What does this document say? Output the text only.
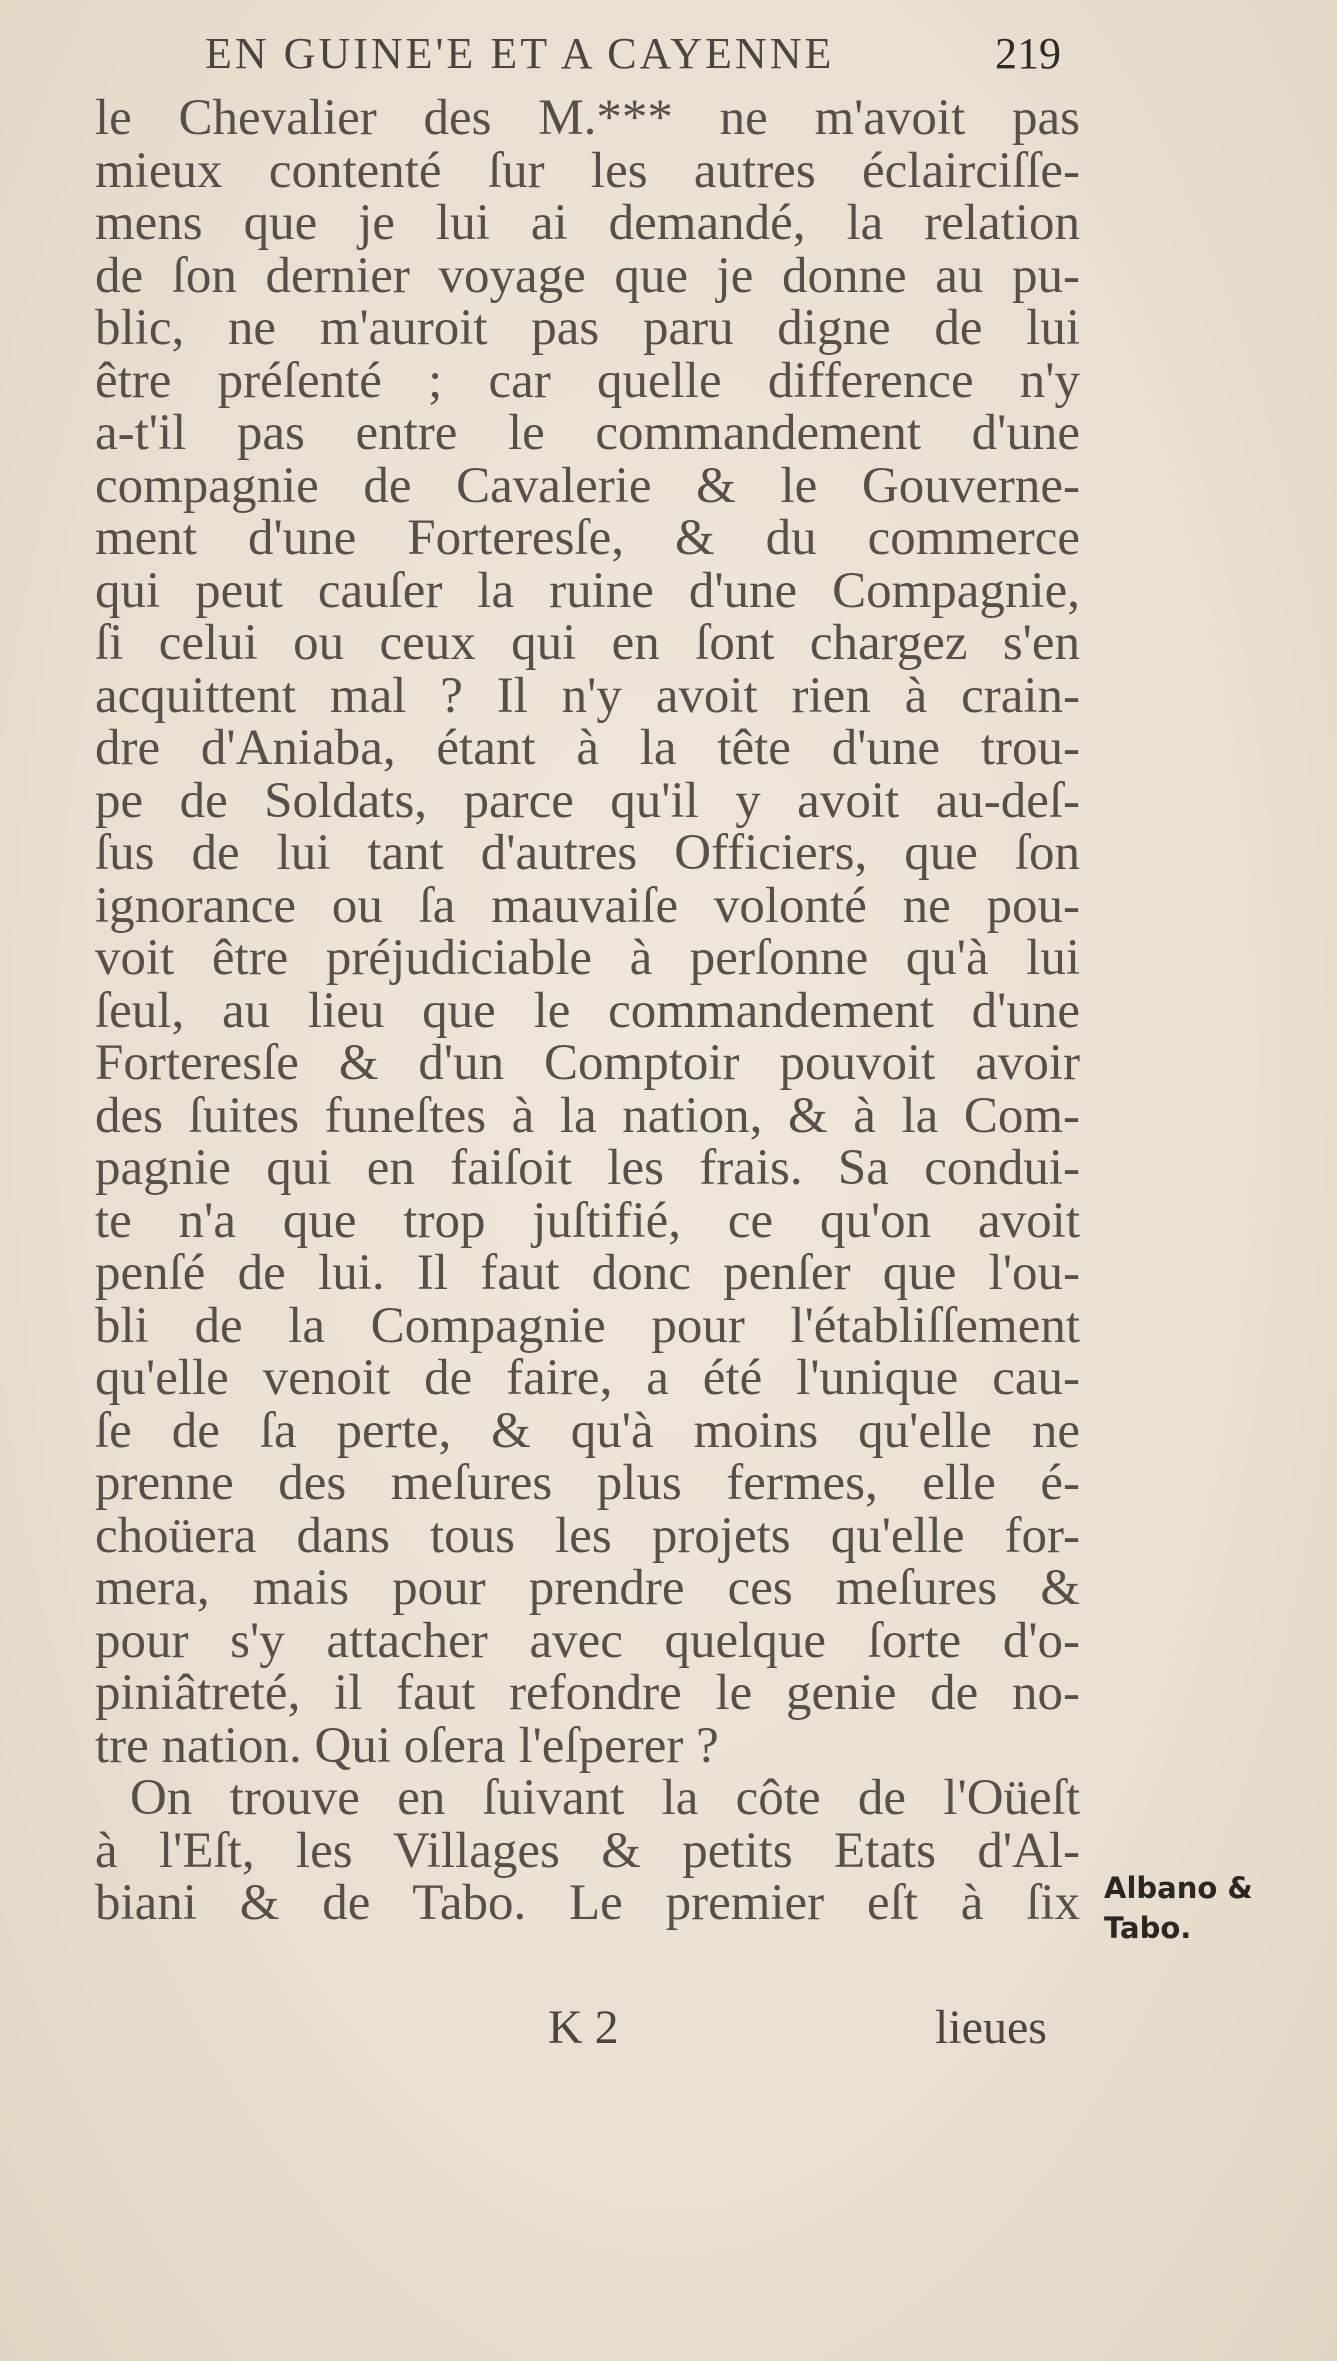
EN GUINE'E ET A CAYENNE	219
le Chevalier des M.*** ne m'avoit pas
mieux contenté ſur les autres éclairciſſe-
mens que je lui ai demandé, la relation
de ſon dernier voyage que je donne au pu-
blic, ne m'auroit pas paru digne de lui
être préſenté ; car quelle difference n'y
a-t'il pas entre le commandement d'une
compagnie de Cavalerie & le Gouverne-
ment d'une Forteresſe, & du commerce
qui peut cauſer la ruine d'une Compagnie,
ſi celui ou ceux qui en ſont chargez s'en
acquittent mal ? Il n'y avoit rien à crain-
dre d'Aniaba, étant à la tête d'une trou-
pe de Soldats, parce qu'il y avoit au-deſ-
ſus de lui tant d'autres Officiers, que ſon
ignorance ou ſa mauvaiſe volonté ne pou-
voit être préjudiciable à perſonne qu'à lui
ſeul, au lieu que le commandement d'une
Forteresſe & d'un Comptoir pouvoit avoir
des ſuites funeſtes à la nation, & à la Com-
pagnie qui en faiſoit les frais. Sa condui-
te n'a que trop juſtifié, ce qu'on avoit
penſé de lui. Il faut donc penſer que l'ou-
bli de la Compagnie pour l'établiſſement
qu'elle venoit de faire, a été l'unique cau-
ſe de ſa perte, & qu'à moins qu'elle ne
prenne des meſures plus fermes, elle é-
choüera dans tous les projets qu'elle for-
mera, mais pour prendre ces meſures &
pour s'y attacher avec quelque ſorte d'o-
piniâtreté, il faut refondre le genie de no-
tre nation. Qui oſera l'eſperer ?
On trouve en ſuivant la côte de l'Oüeſt
à l'Eſt, les Villages & petits Etats d'Al-
biani & de Tabo. Le premier eſt à ſix Albano &
Tabo.
K 2	lieues
